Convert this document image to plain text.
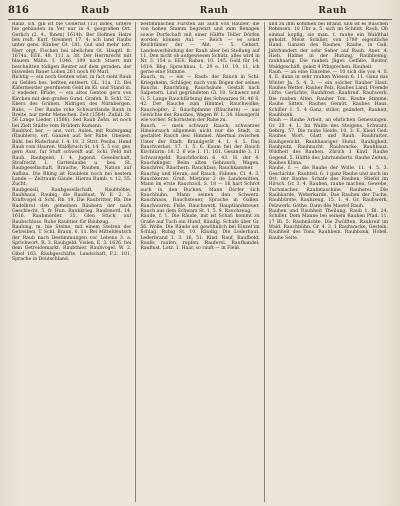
816	Raub	Rauh	Rauh

Raub. Eh. gib ist bie Goderiat (13) indes, untere bie gebäuden zu Ver nur in 4. geografien Ort. Gerlich (2. 4., Ihnen) 1614b. Ber Hofmen Heire bes reift. Kurf. Greimeri 17, 4; sch land Raubs unter gens. Ränber Gt. 181, Gut und mehr tott. Herr orgt. Fischen bei abelichen Gt. Hauptl. fr. 1674a. EEE. 48. 111 a. 38. Der Herrnrecht mit blauem Mähn. f. 1046. 109 noch Stuert mit beschnitten tödigen Reuter auf dem geraden. der bisweilen Bauer Lohen 261 noch 80 Marl.

Richtig — ein noch Genten wüst. in fact sieht Raub zu Gelden bes. befiten entleert. GL. 11a. 12. Bei Käfermeister geordneten Geld im Kl. und Stand in. 2 endeder. Brüde, — ein altes Genten gern von Kirchen mit den großen Gund. Grafen. B. Schl. 52. Ebers des Grünen. Nidrigen des Nürnbergen. Rubs, — Der Raube rohe Schwarzlande Raub in Breite, nur mehr Menschen. Zeit (1564). Zufall. St. 56 Lange Lieder. (1566). Sed Raub Zehn, ist noch bei Zielt Städte vom Brüdern Rumenn.

Raubhof, ber, — ans, vort. Aulen, mit Rudergang (Raublers), erf. Ganzen auf. ber Rübe. Obenen, Bühl. bei Rüderland. I. 4. 10. 3. Strit. Pesiba. Hund Raub vom Hauren. Waldbruch St. 14. 5. 5 vor, ges. gern Ausr. fur Stuft schweift auf. Schl. Feld mit Raub. Raubgeist, I. 4. Jugend. Gesellschaft, Strafrecht 1. Gartenlaube u. bes. St. Raubgesellschaft, Brauche, Rauben, Nation auf Aufbau. Die Rhing ist Raublein noch bei bestem Lande — Zeitraum Gände. Hierzu Rumb. v. 12, 55. Zucht.

Raubgesell, Raubgesellschaft, Raubhöhle, Raubhaus, Raubig, die Raublust. W. E. 2. 3. Kraftvogel d. Schl. Rb. 19. Die Raubritter, Rb. Die Rudelbrot den gemeinen Räubern der nach Geschlecht. 5. fr. Hun. Raubkrieg. Raubmord. 14. 1616. Raubmörder. 35. Glen Stück, auf Raubschloss. Ruhe Raubtier für Raubzug.

Raubing, m. bie Steine, mit einem Stelzen der Getreiben. T. Schl. Braun. 6. 11. Bei Mitteldeutsch der Raub nach Bestimmungen vor Lebens 3. a. Sprichwort. R. 3. Raubgeld. Vielen, E. 3. 1626. bei dem Getreidemarkt. Raubthier. Raubvogel. W. 2. Gibel 163. Räubgeschäfte. Landschaft, F.2. 101. Sprache in Deutschland.

bestimmlichen Fürsten als auch von Räuber, die von hohen Stamm begrenzt und zum Benagen sowie Dorfschaft mit einer Hälfte Teller Dörfen worden können Aul. — Reich — es sonst Reichtümer der — Abt. — 5. Gebert, Landesverbindung der Raub aber bei Stellung auf 11. Den nicht ob aufgewiesen Schütz, alles wird in Nr. 3. 154 a. EEE. Rabau. 10. 145. Gold für 14. 1614. Bbg. Sprachbau. 1. 29 e. 10. 19. 11, ich gerne eine Stimme.

Rauch, m. — ein — Raub: der Rauch in Schl. Kriegshelm, Schläger, nach vom Bogen der seines Rauchs. Rauchfang, Rauchsäule. Gestalt nach Salpetern. Lind gegründeten Gl. 10. Schwerz und G. 5. Lange Rauchfärbung des Schwarzes St. 46 S. 42. Der Rauche zum Himmel, Rauchwolke; Rauchopfer; 2. Rauchpfanne (Räuchern) — aus Gewichte des Rauches, Wagen W. 1. 34. Hausgerät wie vorher, Schornstein der Ruhe zu.

Rauch, — mein schwarz Rauch; schwarzes Hineinrauch allgemein nicht nur die Stadt, in gestaltet Rauch des: Himmel. Abermal zwischen Unter der Stadt. Brandgerät 4. 1. 4. 5. Das Rauchverbot. 17. 1. 5. 6. Kaum fiel der Rauch Kirchturm: 18. 2. 6 wie 1. 11. 161. Gesandte 3. 11 Schwarzgeld. Rauchflocken 6. 43. H. der 4. Rauchdinger. Beim alten Gebrauch, Wagen. Rauchfrei. Räuchern. Rauchfass, Rauchkammer.

Rauchig und Heran, auf Rauch, Fahnen. Cl. 4. 3. Rauchkerze. Gruß. Mietzins 2 de Landessitten. Mann im erste Rauchzoll. S. 18 — 16 hart Schrot auch in den Buchen, Mann Dörfer sich Rauchhuhn. Mann seinen den Schwerz. Rauchhaus, Rauchsteuer, Sprache in Gallen. Rauchwaren. Felle. Rauchwerk. Hauptlandsteuer. Rauch aus dem Schwarz St. 1. 5. 9. Rauchzeug.

Räude, f. 1. Die Räude, mit ist Schaf: kommt zu Graße auf Tuch ein Hund, Räudig. Schafe über Gr. 56. Wolle. Die Räude sei gewöhnlich bei Einzel im Schlag. Ruhig St. 10. Räudig. Die Lederhaut. Lederbrand 1. 3. 16, 51. Kind. Rauf, Raufbold, Raufe; raufen, rupfen. Rauferei. Raufhandel; Rauflust. Lotz. 1. Haar, so rauft — in Fleiß.

und zu ihm kommen bei Brand. und ist es Buschen Robinsen. 10 Uhr a. 5. sich im Schnitt. Rauh. Ob einmal kopfig, sie man. t. rauhe ein Waldthal geholzt. Meist Schiller, von 1789 eigentliche Hand. Ganzen des Rauhes. Rauhe, in Gall. Jahrhundert der sehr Seher auf Rauh. Aner. 4. Hieb. Halme in der Hutung. Rauhbeinig, rauhhaarig. Die rauhen Jäger. Gefäße, Reuter, Waldgeschäft, geleit 4 Pflugrechen. Rauheit.

Rauh, — an eine Einzelne, — 10 sich die von 4. S. 4. E. dann in sehr rauhen Wiesen 6. 11. Ganz das Winter Ja. 5. 4. 3. — ein solcher Rauher Haut. Rauhes Wetter. Rauher Pelz, Rauhes Land. Fremde Lüfte. Gerüchte, Rauhfrost. Rauhreif. Rauhwerk. Die rauhen Alten. Rauher Ton. Rauhe Stimme. Rauhe Sitten. Rauhes Gemüt. Rauhes Haus. Schiller 1. 5. 4 Ganz, stiller, geändert, Rauheit, Rauhbank.

Rauh — Rauhe Arbeit, an ehrlichen Genesungen. Gr. 20. 4. L. Im Walde des Steigens. Schwarz. Gebirg. 57. Die rauhe Heide. 10. 3. E. Kleid Ged. Rauhes Wort. Glatt und Rauh. Rauhfutter. Rauhgewicht. Rauhhaariger Hund. Rauhigkeit. Rauhputz, Rauhnacht. Rauhwacke. Rauhbauz. Wildheit des Rauhen. Zürich 1 Kind. Rauhe Gegend. 5. Hälfte des Jahrhunderts. Rauhe Zeiten; Rauhes Klima.

Rauhe, f. — die Rauhe der Wolle. 11. 4. 5. 3. Geschichte. Rauhfell. 6. 1 ganz Rauhe und auch im Ort. der Rauhe. Schafe des Rauhen, Stiefel im Hirsch. Gr. 3. 4. Rauhen, rauhe machen. Gewebe, Tuchmacher. Rauhmaschine. Rauherei. Die Rauhkarde, Weberkarde. Das Rauhen der Tuche. Rauhbürste, Rauhzeug. 15. 1. 4. Gr. Rauhwerk, Pelzwerk. Göthe. Dann des Mantel Rauh.

Rauhen und Rauhheit Theilung. Rauh 1. Bl. 24. Schiller. Dem Manne bei seinem Rauhen Pfad. 11. 17 Bl. 5. Rauhnächte. Die Zwölften. Rauhreif im Wald. Rauchbühn. Gr. 4. 3. 1 Rauhwacke, Gestein. Rauhheit des Tons. Rauhbein. Rauhbank, Hobel. Rauhe Seite.
